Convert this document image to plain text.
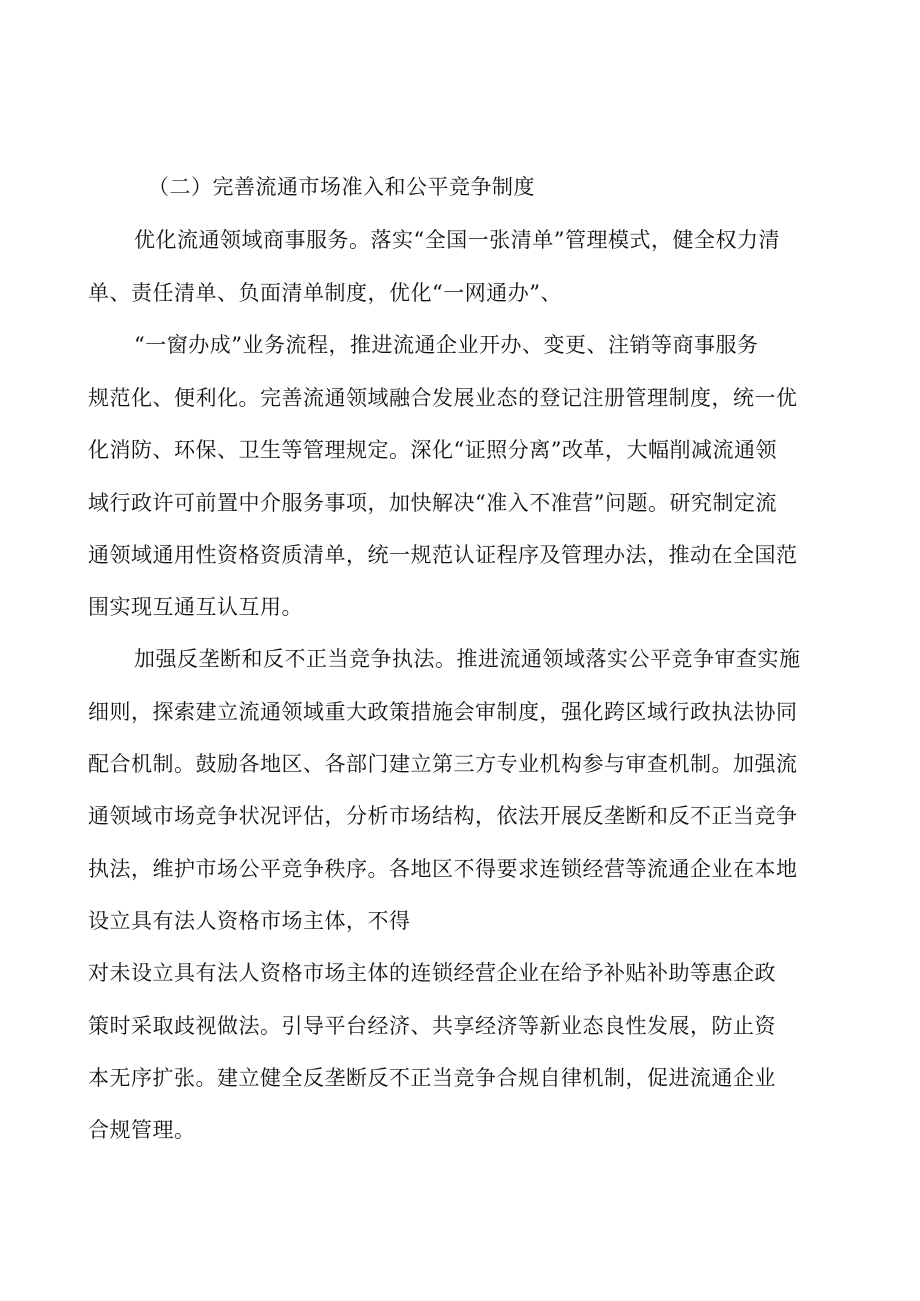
（二）完善流通市场准入和公平竞争制度
优化流通领域商事服务。落实“全国一张清单”管理模式，健全权力清
单、责任清单、负面清单制度，优化“一网通办”、
“一窗办成”业务流程，推进流通企业开办、变更、注销等商事服务
规范化、便利化。完善流通领域融合发展业态的登记注册管理制度，统一优
化消防、环保、卫生等管理规定。深化“证照分离”改革，大幅削减流通领
域行政许可前置中介服务事项，加快解决“准入不准营”问题。研究制定流
通领域通用性资格资质清单，统一规范认证程序及管理办法，推动在全国范
围实现互通互认互用。
加强反垄断和反不正当竞争执法。推进流通领域落实公平竞争审查实施
细则，探索建立流通领域重大政策措施会审制度，强化跨区域行政执法协同
配合机制。鼓励各地区、各部门建立第三方专业机构参与审查机制。加强流
通领域市场竞争状况评估，分析市场结构，依法开展反垄断和反不正当竞争
执法，维护市场公平竞争秩序。各地区不得要求连锁经营等流通企业在本地
设立具有法人资格市场主体，不得
对未设立具有法人资格市场主体的连锁经营企业在给予补贴补助等惠企政
策时采取歧视做法。引导平台经济、共享经济等新业态良性发展，防止资
本无序扩张。建立健全反垄断反不正当竞争合规自律机制，促进流通企业
合规管理。
